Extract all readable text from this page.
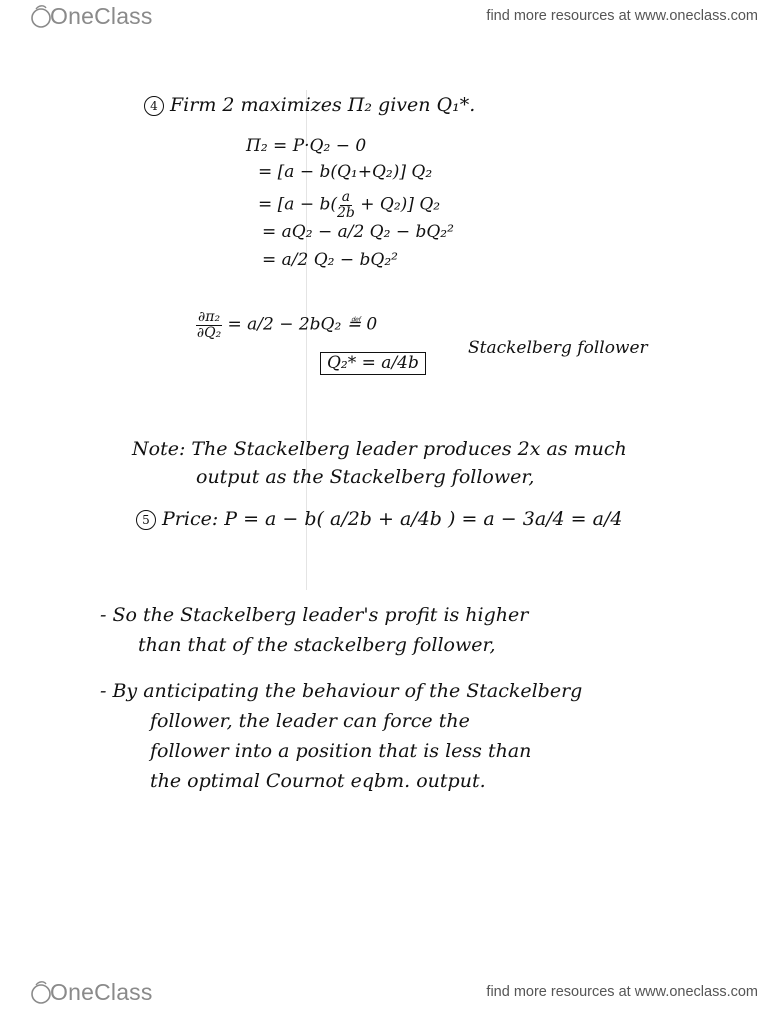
OneClass	find more resources at www.oneclass.com
4 Firm 2 maximizes Π₂ given Q₁*.
Π₂ = P·Q₂ − 0
= [a − b(Q₁+Q₂)] Q₂
= $[a - b( \frac{a}{2b} + Q_2)]$ Q₂
= aQ₂ − a/2 Q₂ − bQ₂²
= a/2 Q₂ − bQ₂²
$\frac{\text{∂π₂}}{\text{∂Q₂}} = a/2 - 2bQ_2$ ≝ 0
Q₂* = a/4b
Stackelberg follower
Note: The Stackelberg leader produces 2x as much
output as the Stackelberg follower,
5 Price: P = a − b( a/2b + a/4b ) = a − 3a/4 = a/4
- So the Stackelberg leader's profit is higher
than that of the stackelberg follower,
- By anticipating the behaviour of the Stackelberg
follower, the leader can force the
follower into a position that is less than
the optimal Cournot eqbm. output.
OneClass	find more resources at www.oneclass.com
